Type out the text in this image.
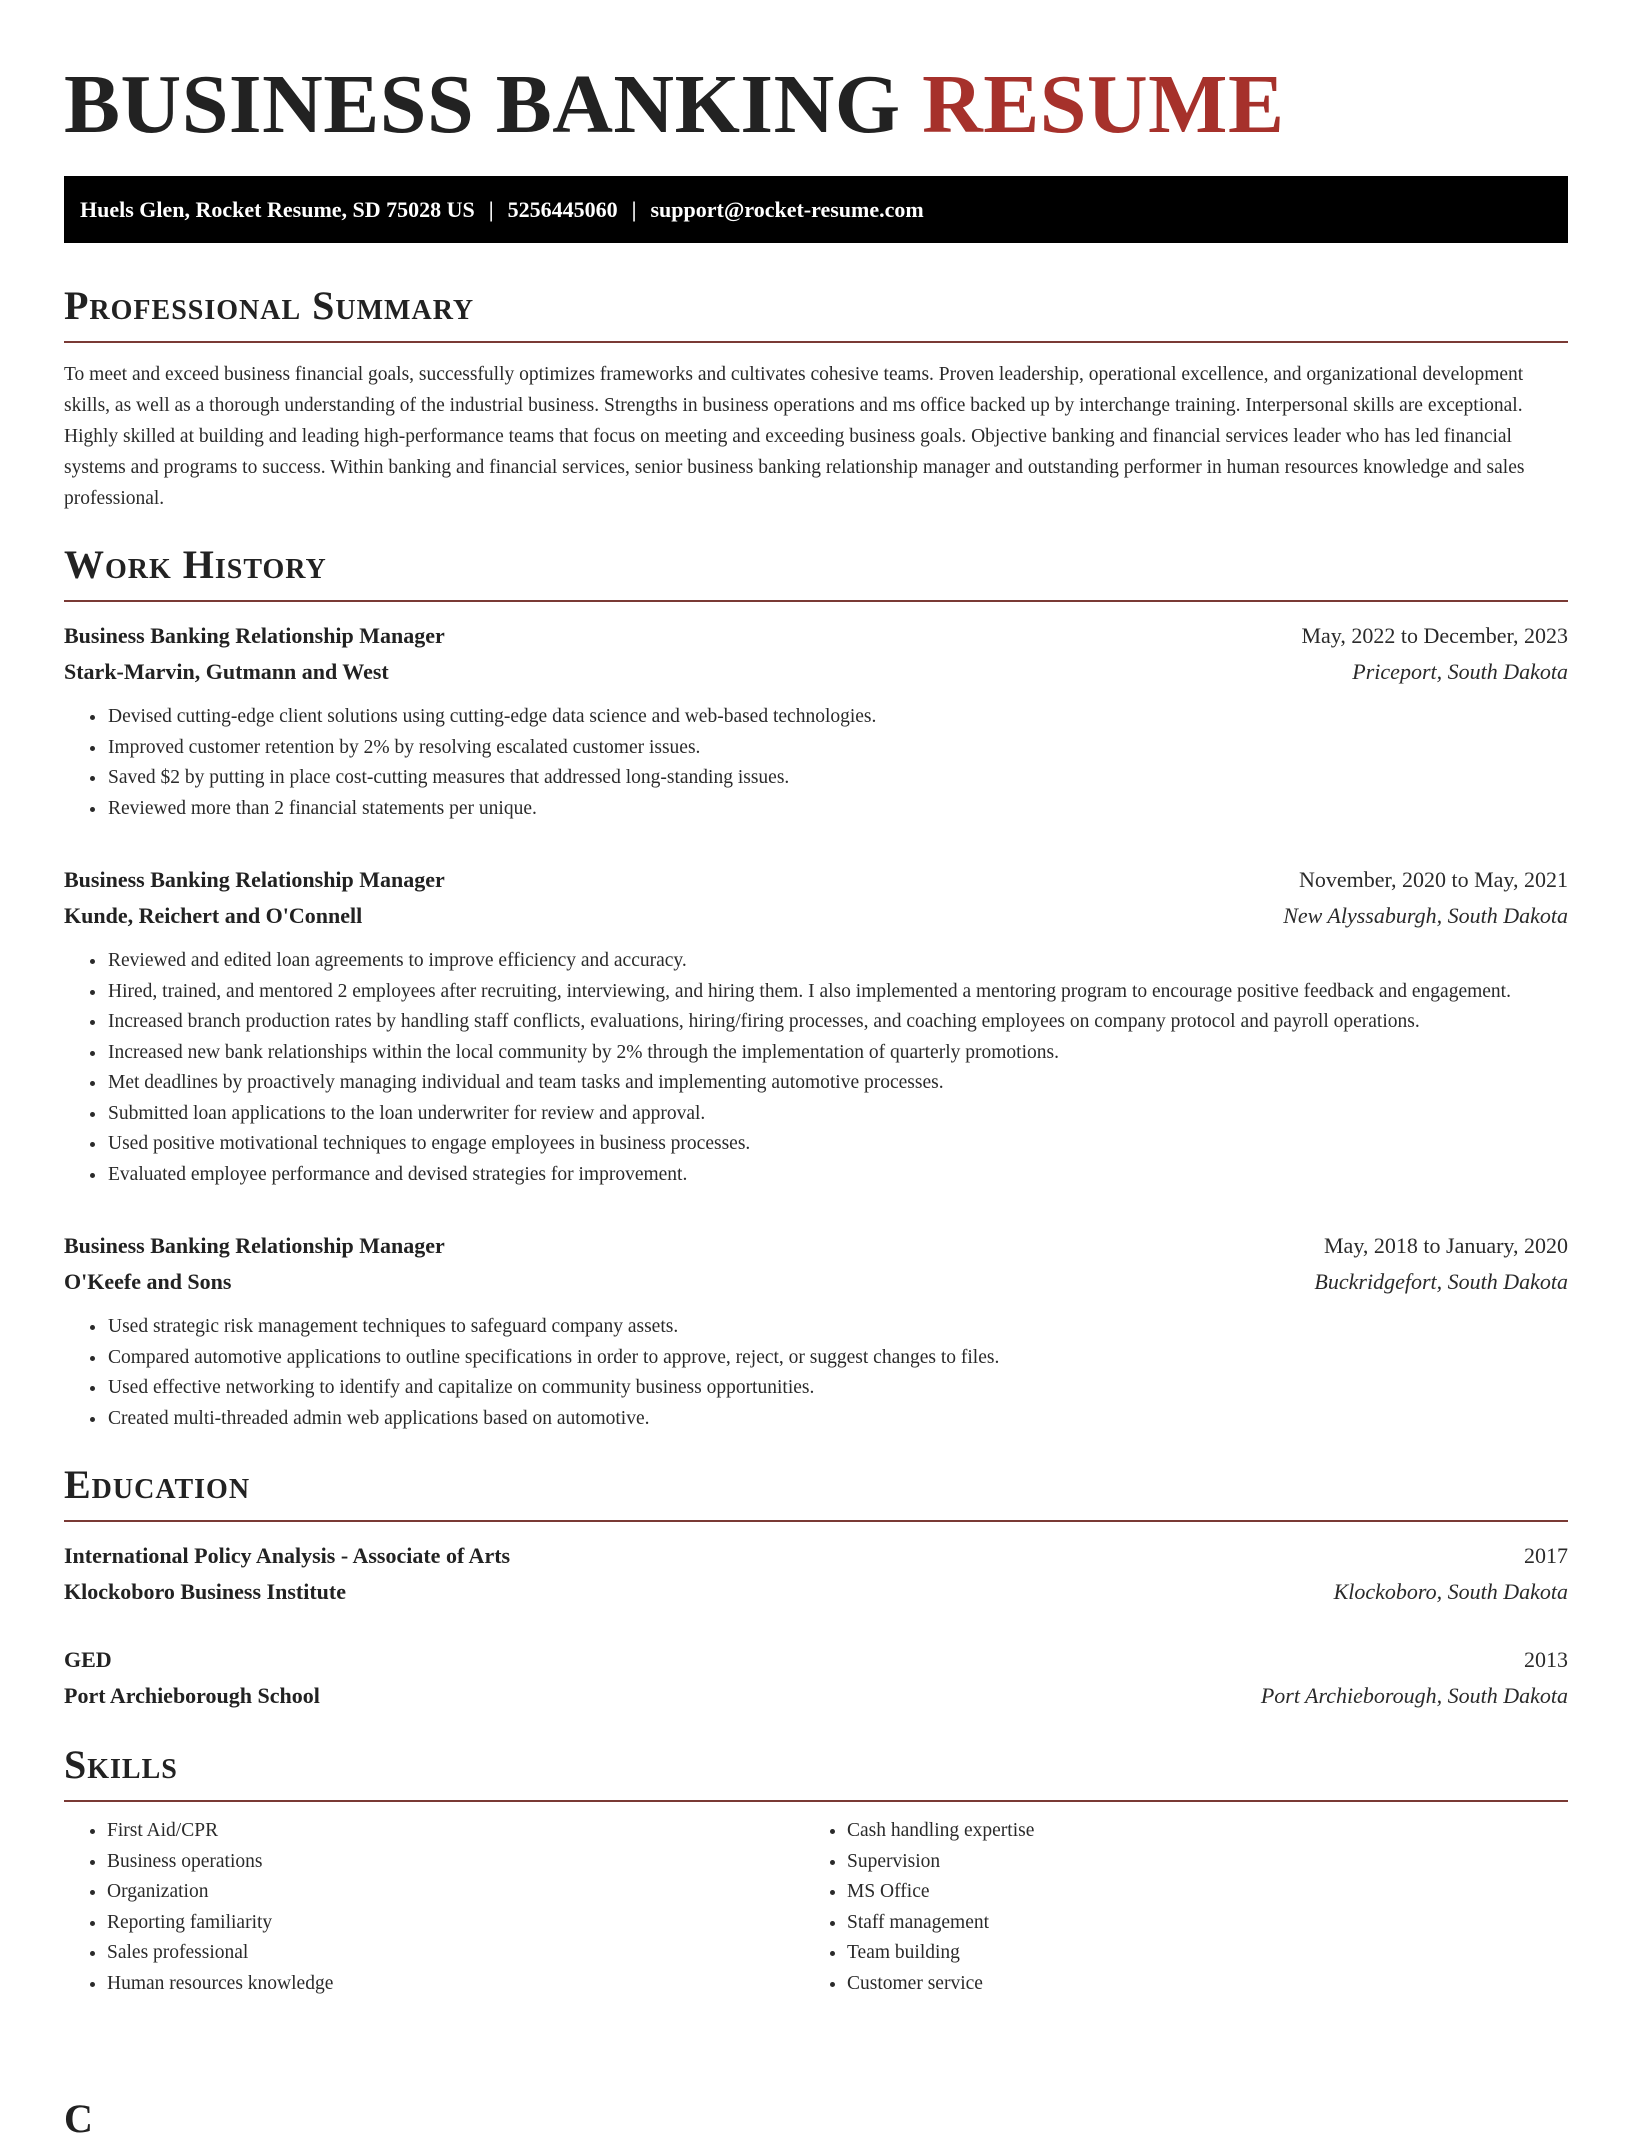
BUSINESS BANKING RESUME
Huels Glen, Rocket Resume, SD 75028 US | 5256445060 | support@rocket-resume.com
Professional Summary

To meet and exceed business financial goals, successfully optimizes frameworks and cultivates cohesive teams. Proven leadership, operational excellence, and organizational development skills, as well as a thorough understanding of the industrial business. Strengths in business operations and ms office backed up by interchange training. Interpersonal skills are exceptional. Highly skilled at building and leading high-performance teams that focus on meeting and exceeding business goals. Objective banking and financial services leader who has led financial systems and programs to success. Within banking and financial services, senior business banking relationship manager and outstanding performer in human resources knowledge and sales professional.

Work History
Business Banking Relationship Manager	May, 2022 to December, 2023
Stark-Marvin, Gutmann and West	Priceport, South Dakota
• Devised cutting-edge client solutions using cutting-edge data science and web-based technologies.
• Improved customer retention by 2% by resolving escalated customer issues.
• Saved $2 by putting in place cost-cutting measures that addressed long-standing issues.
• Reviewed more than 2 financial statements per unique.
Business Banking Relationship Manager	November, 2020 to May, 2021
Kunde, Reichert and O'Connell	New Alyssaburgh, South Dakota
• Reviewed and edited loan agreements to improve efficiency and accuracy.
• Hired, trained, and mentored 2 employees after recruiting, interviewing, and hiring them. I also implemented a mentoring program to encourage positive feedback and engagement.
• Increased branch production rates by handling staff conflicts, evaluations, hiring/firing processes, and coaching employees on company protocol and payroll operations.
• Increased new bank relationships within the local community by 2% through the implementation of quarterly promotions.
• Met deadlines by proactively managing individual and team tasks and implementing automotive processes.
• Submitted loan applications to the loan underwriter for review and approval.
• Used positive motivational techniques to engage employees in business processes.
• Evaluated employee performance and devised strategies for improvement.
Business Banking Relationship Manager	May, 2018 to January, 2020
O'Keefe and Sons	Buckridgefort, South Dakota
• Used strategic risk management techniques to safeguard company assets.
• Compared automotive applications to outline specifications in order to approve, reject, or suggest changes to files.
• Used effective networking to identify and capitalize on community business opportunities.
• Created multi-threaded admin web applications based on automotive.
Education
International Policy Analysis - Associate of Arts	2017
Klockoboro Business Institute	Klockoboro, South Dakota
GED	2013
Port Archieborough School	Port Archieborough, South Dakota
Skills
• First Aid/CPR
• Business operations
• Organization
• Reporting familiarity
• Sales professional
• Human resources knowledge
• Cash handling expertise
• Supervision
• MS Office
• Staff management
• Team building
• Customer service
C
